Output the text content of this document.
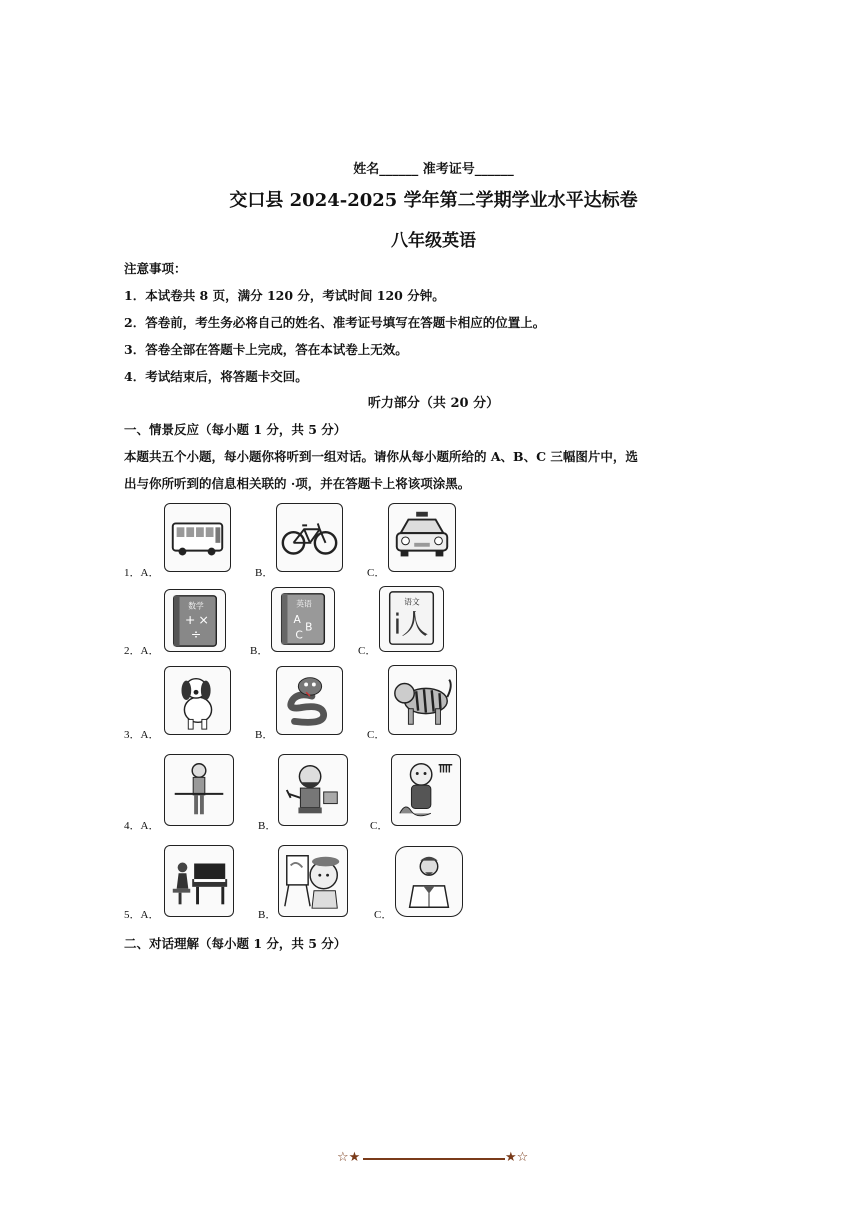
姓名______ 准考证号______
交口县 2024-2025 学年第二学期学业水平达标卷
八年级英语
注意事项：
1．本试卷共 8 页，满分 120 分，考试时间 120 分钟。
2．答卷前，考生务必将自己的姓名、准考证号填写在答题卡相应的位置上。
3．答卷全部在答题卡上完成，答在本试卷上无效。
4．考试结束后，将答题卡交回。
听力部分（共 20 分）
一、情景反应（每小题 1 分，共 5 分）
本题共五个小题，每小题你将听到一组对话。请你从每小题所给的 A、B、C 三幅图片中，选
出与你所听到的信息相关联的 ·项，并在答题卡上将该项涂黑。
1．A．	B．	C．
2．A．
数学
+ ×
÷
B．
英语
A
B
C
C．
语文
i人
3．A．	B．	C．
4．A．	B．	C．
5．A．	B．	C．
二、对话理解（每小题 1 分，共 5 分）
☆★	★☆
